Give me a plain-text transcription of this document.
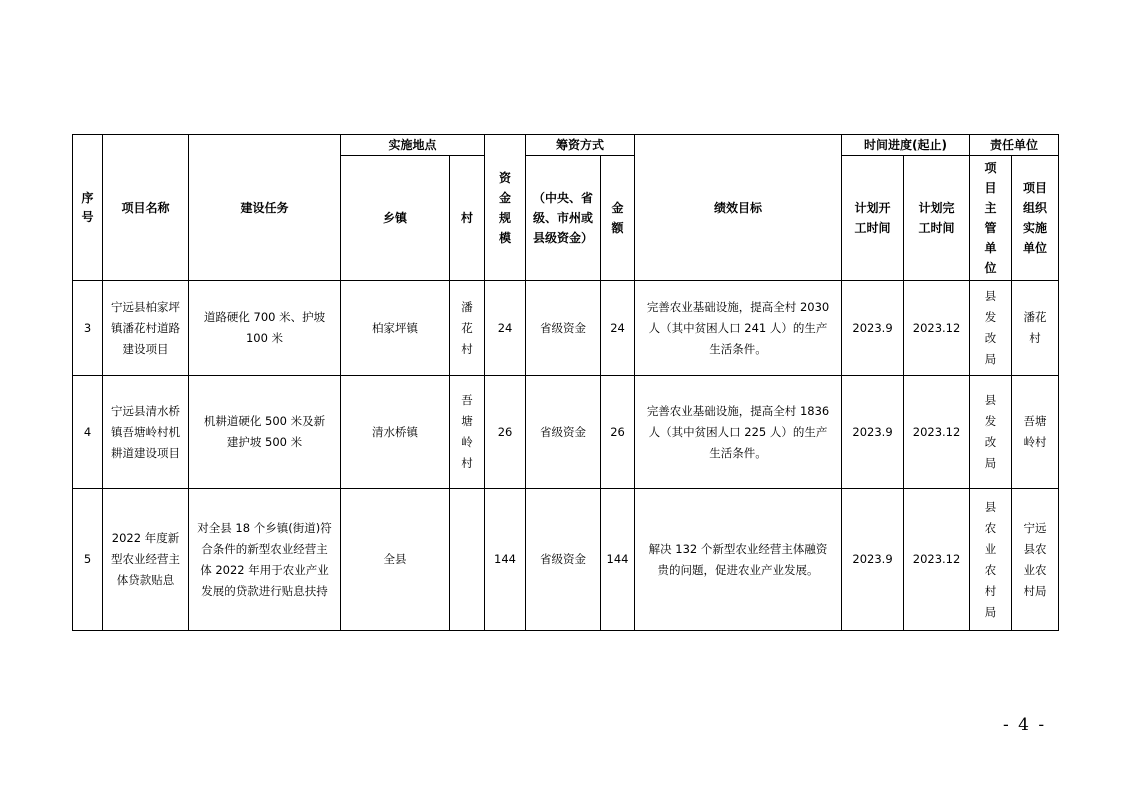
序号	项目名称	建设任务	实施地点		资金规模	筹资方式		绩效目标	时间进度(起止)		责任单位	
			乡镇	村		（中央、省级、市州或县级资金）	金额		计划开工时间	计划完工时间	项目主管单位	项目组织实施单位
3	宁远县柏家坪镇潘花村道路建设项目	道路硬化 700 米、护坡 100 米	柏家坪镇	潘花村	24	省级资金	24	完善农业基础设施，提高全村 2030 人（其中贫困人口 241 人）的生产生活条件。	2023.9	2023.12	县发改局	潘花村
4	宁远县清水桥镇吾塘岭村机耕道建设项目	机耕道硬化 500 米及新建护坡 500 米	清水桥镇	吾塘岭村	26	省级资金	26	完善农业基础设施，提高全村 1836 人（其中贫困人口 225 人）的生产生活条件。	2023.9	2023.12	县发改局	吾塘岭村
5	2022 年度新型农业经营主体贷款贴息	对全县 18 个乡镇(街道)符合条件的新型农业经营主体 2022 年用于农业产业发展的贷款进行贴息扶持	全县		144	省级资金	144	解决 132 个新型农业经营主体融资贵的问题，促进农业产业发展。	2023.9	2023.12	县农业农村局	宁远县农业农村局
- 4 -
